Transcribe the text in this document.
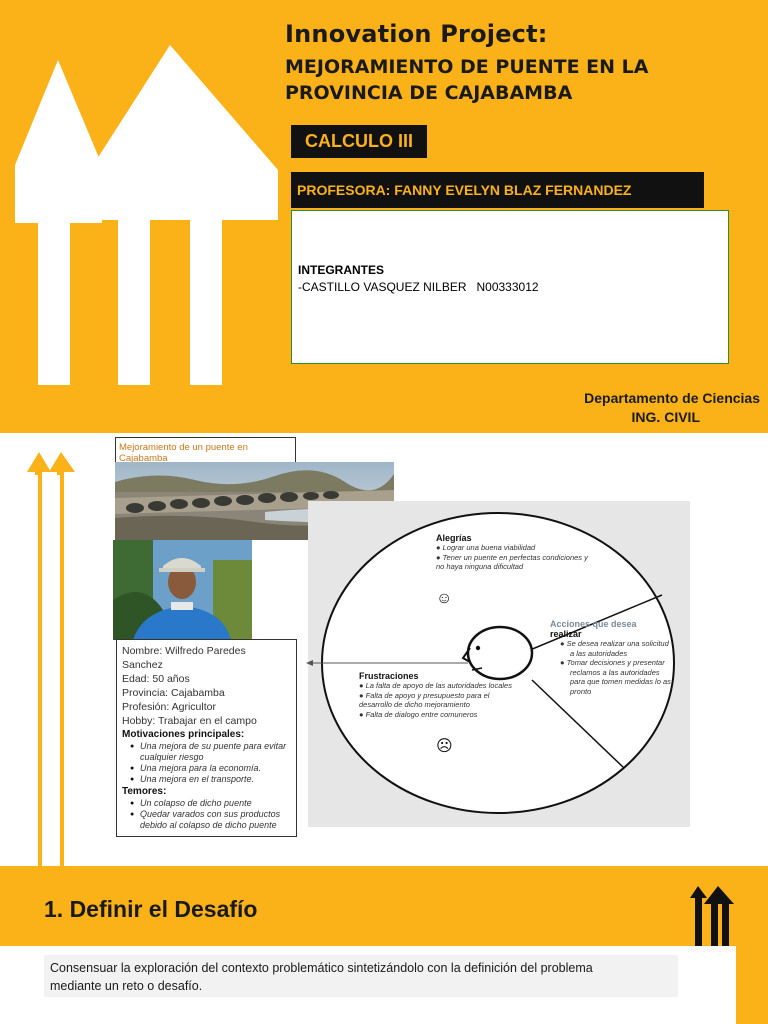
Innovation Project:
MEJORAMIENTO DE PUENTE EN LA
PROVINCIA DE CAJABAMBA
CALCULO III
PROFESORA: FANNY EVELYN BLAZ FERNANDEZ
INTEGRANTES
-CASTILLO VASQUEZ NILBER   N00333012
Departamento de Ciencias
ING. CIVIL
Mejoramiento de un puente en Cajabamba
Nombre: Wilfredo Paredes
Sanchez
Edad: 50 años
Provincia: Cajabamba
Profesión: Agricultor
Hobby: Trabajar en el campo
Motivaciones principales:
● Una mejora de su puente para evitar cualquier riesgo
● Una mejora para la economía.
● Una mejora en el transporte.
Temores:
● Un colapso de dicho puente
● Quedar varados con sus productos debido al colapso de dicho puente
Alegrías
● Lograr una buena viabilidad
● Tener un puente en perfectas condiciones y no haya ninguna dificultad
☺
Acciones que desea
realizar
● Se desea realizar una solicitud a las autoridades
● Tomar decisiones y presentar reclamos a las autoridades para que tomen medidas lo as pronto
Frustraciones
● La falta de apoyo de las autoridades locales
● Falta de apoyo y presupuesto para el desarrollo de dicho mejoramiento
● Falta de dialogo entre comuneros
☹
1. Definir el Desafío
Consensuar la exploración del contexto problemático sintetizándolo con la definición del problema
mediante un reto o desafío.
